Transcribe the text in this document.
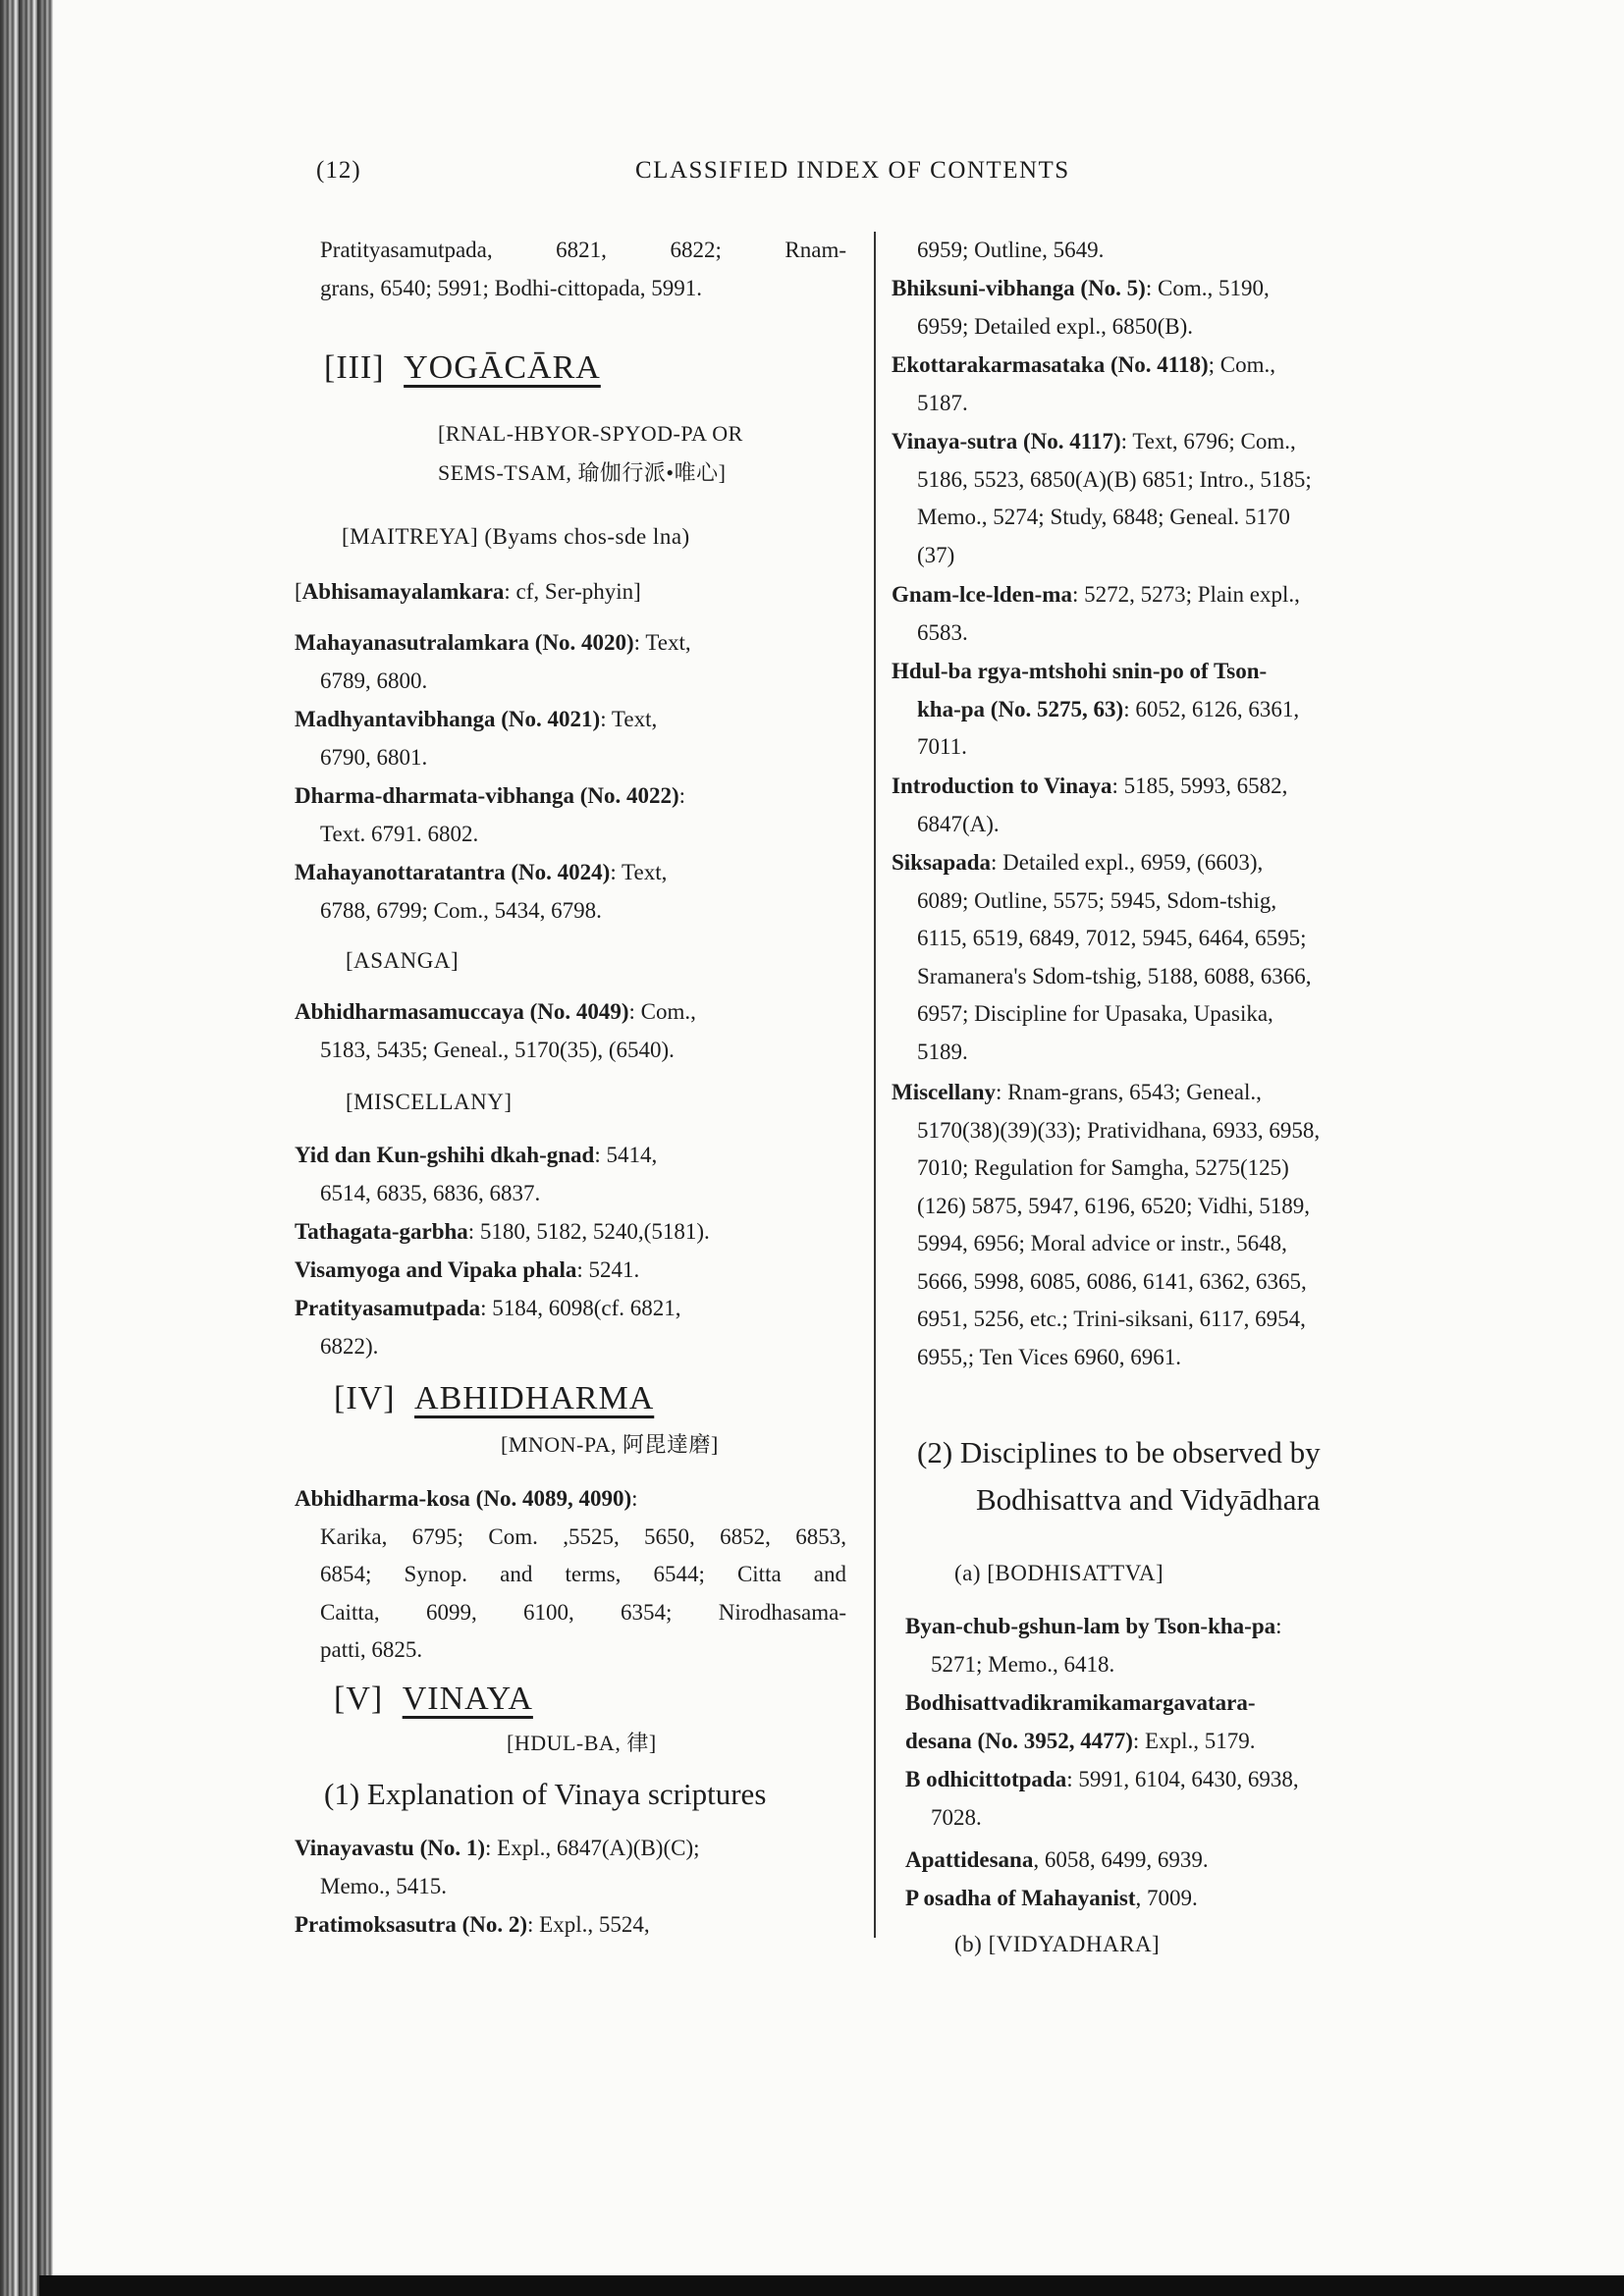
(12)	CLASSIFIED INDEX OF CONTENTS
Pratityasamutpada, 6821, 6822; Rnam-
grans, 6540; 5991; Bodhi-cittopada, 5991.
[III] YOGĀCĀRA
[RNAL-HBYOR-SPYOD-PA OR
SEMS-TSAM, 瑜伽行派•唯心]
[MAITREYA] (Byams chos-sde lna)
[Abhisamayalamkara: cf, Ser-phyin]
Mahayanasutralamkara (No. 4020): Text,
6789, 6800.
Madhyantavibhanga (No. 4021): Text,
6790, 6801.
Dharma-dharmata-vibhanga (No. 4022):
Text. 6791. 6802.
Mahayanottaratantra (No. 4024): Text,
6788, 6799; Com., 5434, 6798.
[ASANGA]
Abhidharmasamuccaya (No. 4049): Com.,
5183, 5435; Geneal., 5170(35), (6540).
[MISCELLANY]
Yid dan Kun-gshihi dkah-gnad: 5414,
6514, 6835, 6836, 6837.
Tathagata-garbha: 5180, 5182, 5240,(5181).
Visamyoga and Vipaka phala: 5241.
Pratityasamutpada: 5184, 6098(cf. 6821,
6822).
[IV] ABHIDHARMA
[MNON-PA, 阿毘達磨]
Abhidharma-kosa (No. 4089, 4090):
Karika, 6795; Com. ,5525, 5650, 6852, 6853,
6854; Synop. and terms, 6544; Citta and
Caitta, 6099, 6100, 6354; Nirodhasama-
patti, 6825.
[V] VINAYA
[HDUL-BA, 律]
(1) Explanation of Vinaya scriptures
Vinayavastu (No. 1): Expl., 6847(A)(B)(C);
Memo., 5415.
Pratimoksasutra (No. 2): Expl., 5524,
6959; Outline, 5649.
Bhiksuni-vibhanga (No. 5): Com., 5190,
6959; Detailed expl., 6850(B).
Ekottarakarmasataka (No. 4118); Com.,
5187.
Vinaya-sutra (No. 4117): Text, 6796; Com.,
5186, 5523, 6850(A)(B) 6851; Intro., 5185;
Memo., 5274; Study, 6848; Geneal. 5170
(37)
Gnam-lce-lden-ma: 5272, 5273; Plain expl.,
6583.
Hdul-ba rgya-mtshohi snin-po of Tson-
kha-pa (No. 5275, 63): 6052, 6126, 6361,
7011.
Introduction to Vinaya: 5185, 5993, 6582,
6847(A).
Siksapada: Detailed expl., 6959, (6603),
6089; Outline, 5575; 5945, Sdom-tshig,
6115, 6519, 6849, 7012, 5945, 6464, 6595;
Sramanera's Sdom-tshig, 5188, 6088, 6366,
6957; Discipline for Upasaka, Upasika,
5189.
Miscellany: Rnam-grans, 6543; Geneal.,
5170(38)(39)(33); Pratividhana, 6933, 6958,
7010; Regulation for Samgha, 5275(125)
(126) 5875, 5947, 6196, 6520; Vidhi, 5189,
5994, 6956; Moral advice or instr., 5648,
5666, 5998, 6085, 6086, 6141, 6362, 6365,
6951, 5256, etc.; Trini-siksani, 6117, 6954,
6955,; Ten Vices 6960, 6961.
(2) Disciplines to be observed by
Bodhisattva and Vidyādhara
(a) [BODHISATTVA]
Byan-chub-gshun-lam by Tson-kha-pa:
5271; Memo., 6418.
Bodhisattvadikramikamargavatara-
desana (No. 3952, 4477): Expl., 5179.
B odhicittotpada: 5991, 6104, 6430, 6938,
7028.
Apattidesana, 6058, 6499, 6939.
P osadha of Mahayanist, 7009.
(b) [VIDYADHARA]
